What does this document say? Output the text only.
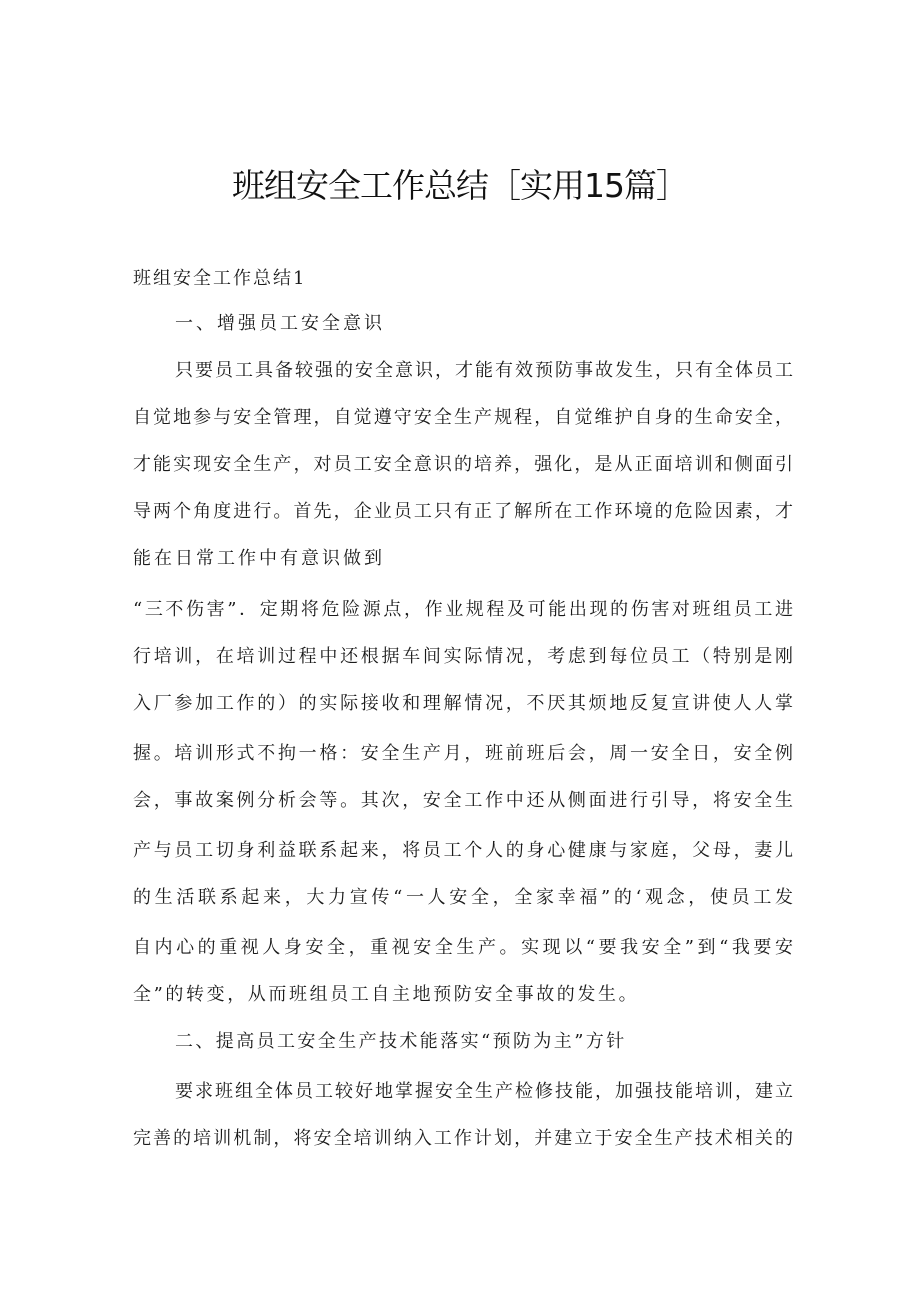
班组安全工作总结［实用15篇］

班组安全工作总结1

一、增强员工安全意识

只要员工具备较强的安全意识，才能有效预防事故发生，只有全体员工

自觉地参与安全管理，自觉遵守安全生产规程，自觉维护自身的生命安全，

才能实现安全生产，对员工安全意识的培养，强化，是从正面培训和侧面引

导两个角度进行。首先，企业员工只有正了解所在工作环境的危险因素，才

能在日常工作中有意识做到

“三不伤害”．定期将危险源点，作业规程及可能出现的伤害对班组员工进

行培训，在培训过程中还根据车间实际情况，考虑到每位员工（特别是刚

入厂参加工作的）的实际接收和理解情况，不厌其烦地反复宣讲使人人掌

握。培训形式不拘一格：安全生产月，班前班后会，周一安全日，安全例

会，事故案例分析会等。其次，安全工作中还从侧面进行引导，将安全生

产与员工切身利益联系起来，将员工个人的身心健康与家庭，父母，妻儿

的生活联系起来，大力宣传“一人安全，全家幸福”的‘观念，使员工发

自内心的重视人身安全，重视安全生产。实现以“要我安全”到“我要安

全”的转变，从而班组员工自主地预防安全事故的发生。

二、提高员工安全生产技术能落实“预防为主”方针

要求班组全体员工较好地掌握安全生产检修技能，加强技能培训，建立

完善的培训机制，将安全培训纳入工作计划，并建立于安全生产技术相关的
